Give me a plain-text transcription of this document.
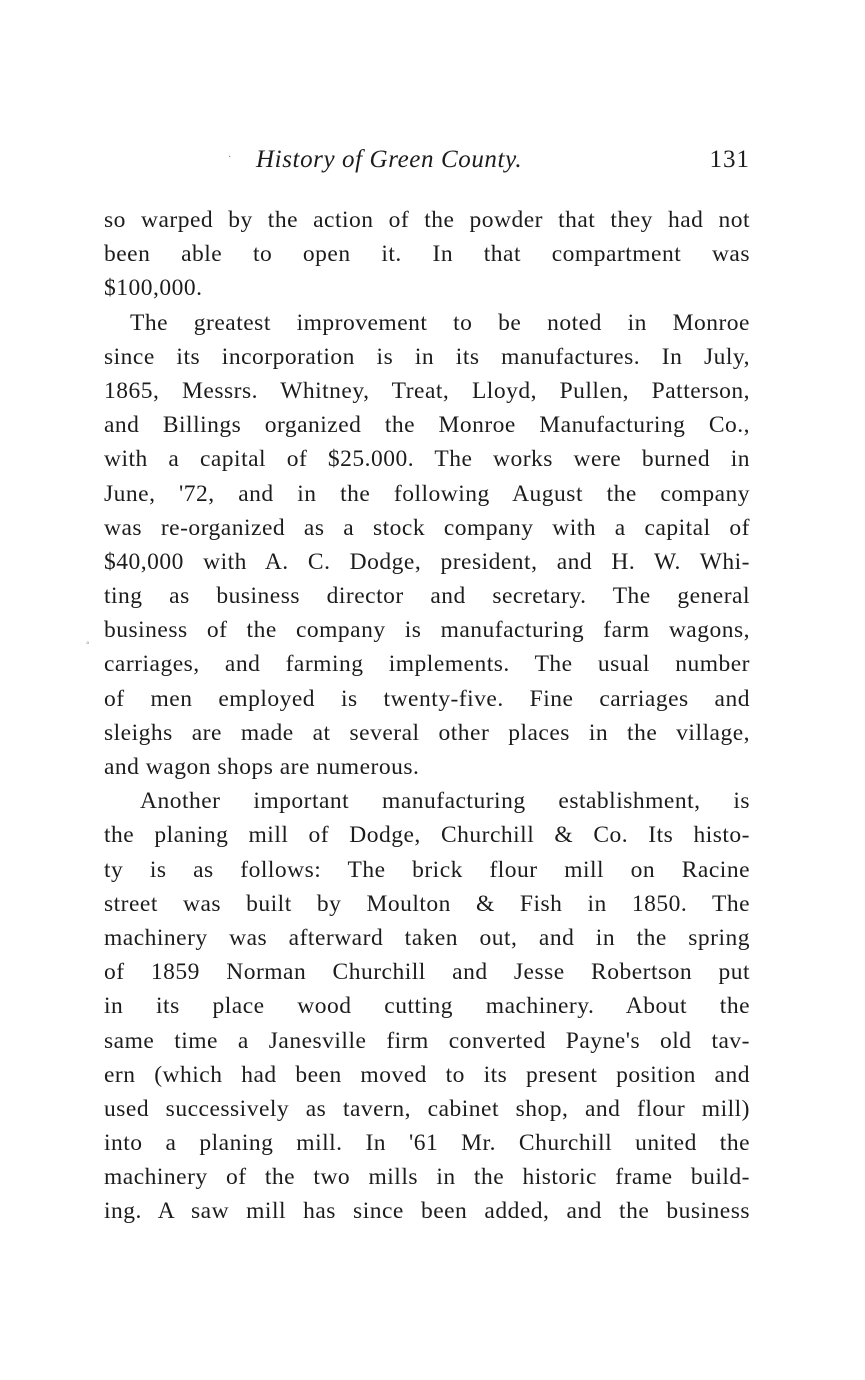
History of Green County.	131
so warped by the action of the powder that they had not
been able to open it. In that compartment was
$100,000.
The greatest improvement to be noted in Monroe
since its incorporation is in its manufactures. In July,
1865, Messrs. Whitney, Treat, Lloyd, Pullen, Patterson,
and Billings organized the Monroe Manufacturing Co.,
with a capital of $25.000. The works were burned in
June, '72, and in the following August the company
was re-organized as a stock company with a capital of
$40,000 with A. C. Dodge, president, and H. W. Whi-
ting as business director and secretary. The general
business of the company is manufacturing farm wagons,
carriages, and farming implements. The usual number
of men employed is twenty-five. Fine carriages and
sleighs are made at several other places in the village,
and wagon shops are numerous.
Another important manufacturing establishment, is
the planing mill of Dodge, Churchill & Co. Its histo-
ty is as follows: The brick flour mill on Racine
street was built by Moulton & Fish in 1850. The
machinery was afterward taken out, and in the spring
of 1859 Norman Churchill and Jesse Robertson put
in its place wood cutting machinery. About the
same time a Janesville firm converted Payne's old tav-
ern (which had been moved to its present position and
used successively as tavern, cabinet shop, and flour mill)
into a planing mill. In '61 Mr. Churchill united the
machinery of the two mills in the historic frame build-
ing. A saw mill has since been added, and the business
◦
·
